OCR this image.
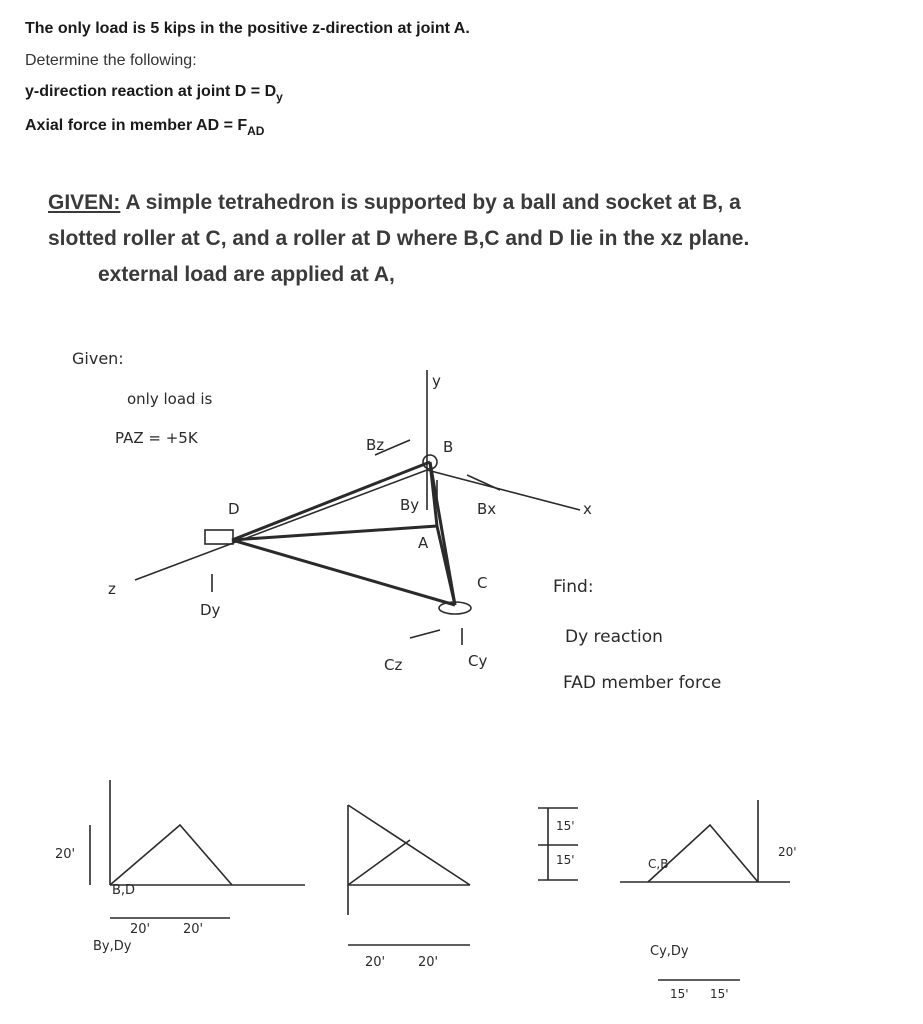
The only load is 5 kips in the positive z-direction at joint A.
Determine the following:
y-direction reaction at joint $D = D_y$
Axial force in member AD = $F_{AD}$
GIVEN: A simple tetrahedron is supported by a ball and socket at B, a slotted roller at C, and a roller at D where B,C and D lie in the xz plane.
external load are applied at A,
Given:
only load is
PAZ = +5K
D
B
A
C
x
y
z
Bz
By	Bx
Cz	Cy
Dy
Find:
Dy reaction
FAD member force
20'
20'	20'
B,D
By,Dy
20'	20'
15'
15'	C,B
Cy,Dy
20'
15' 15'
